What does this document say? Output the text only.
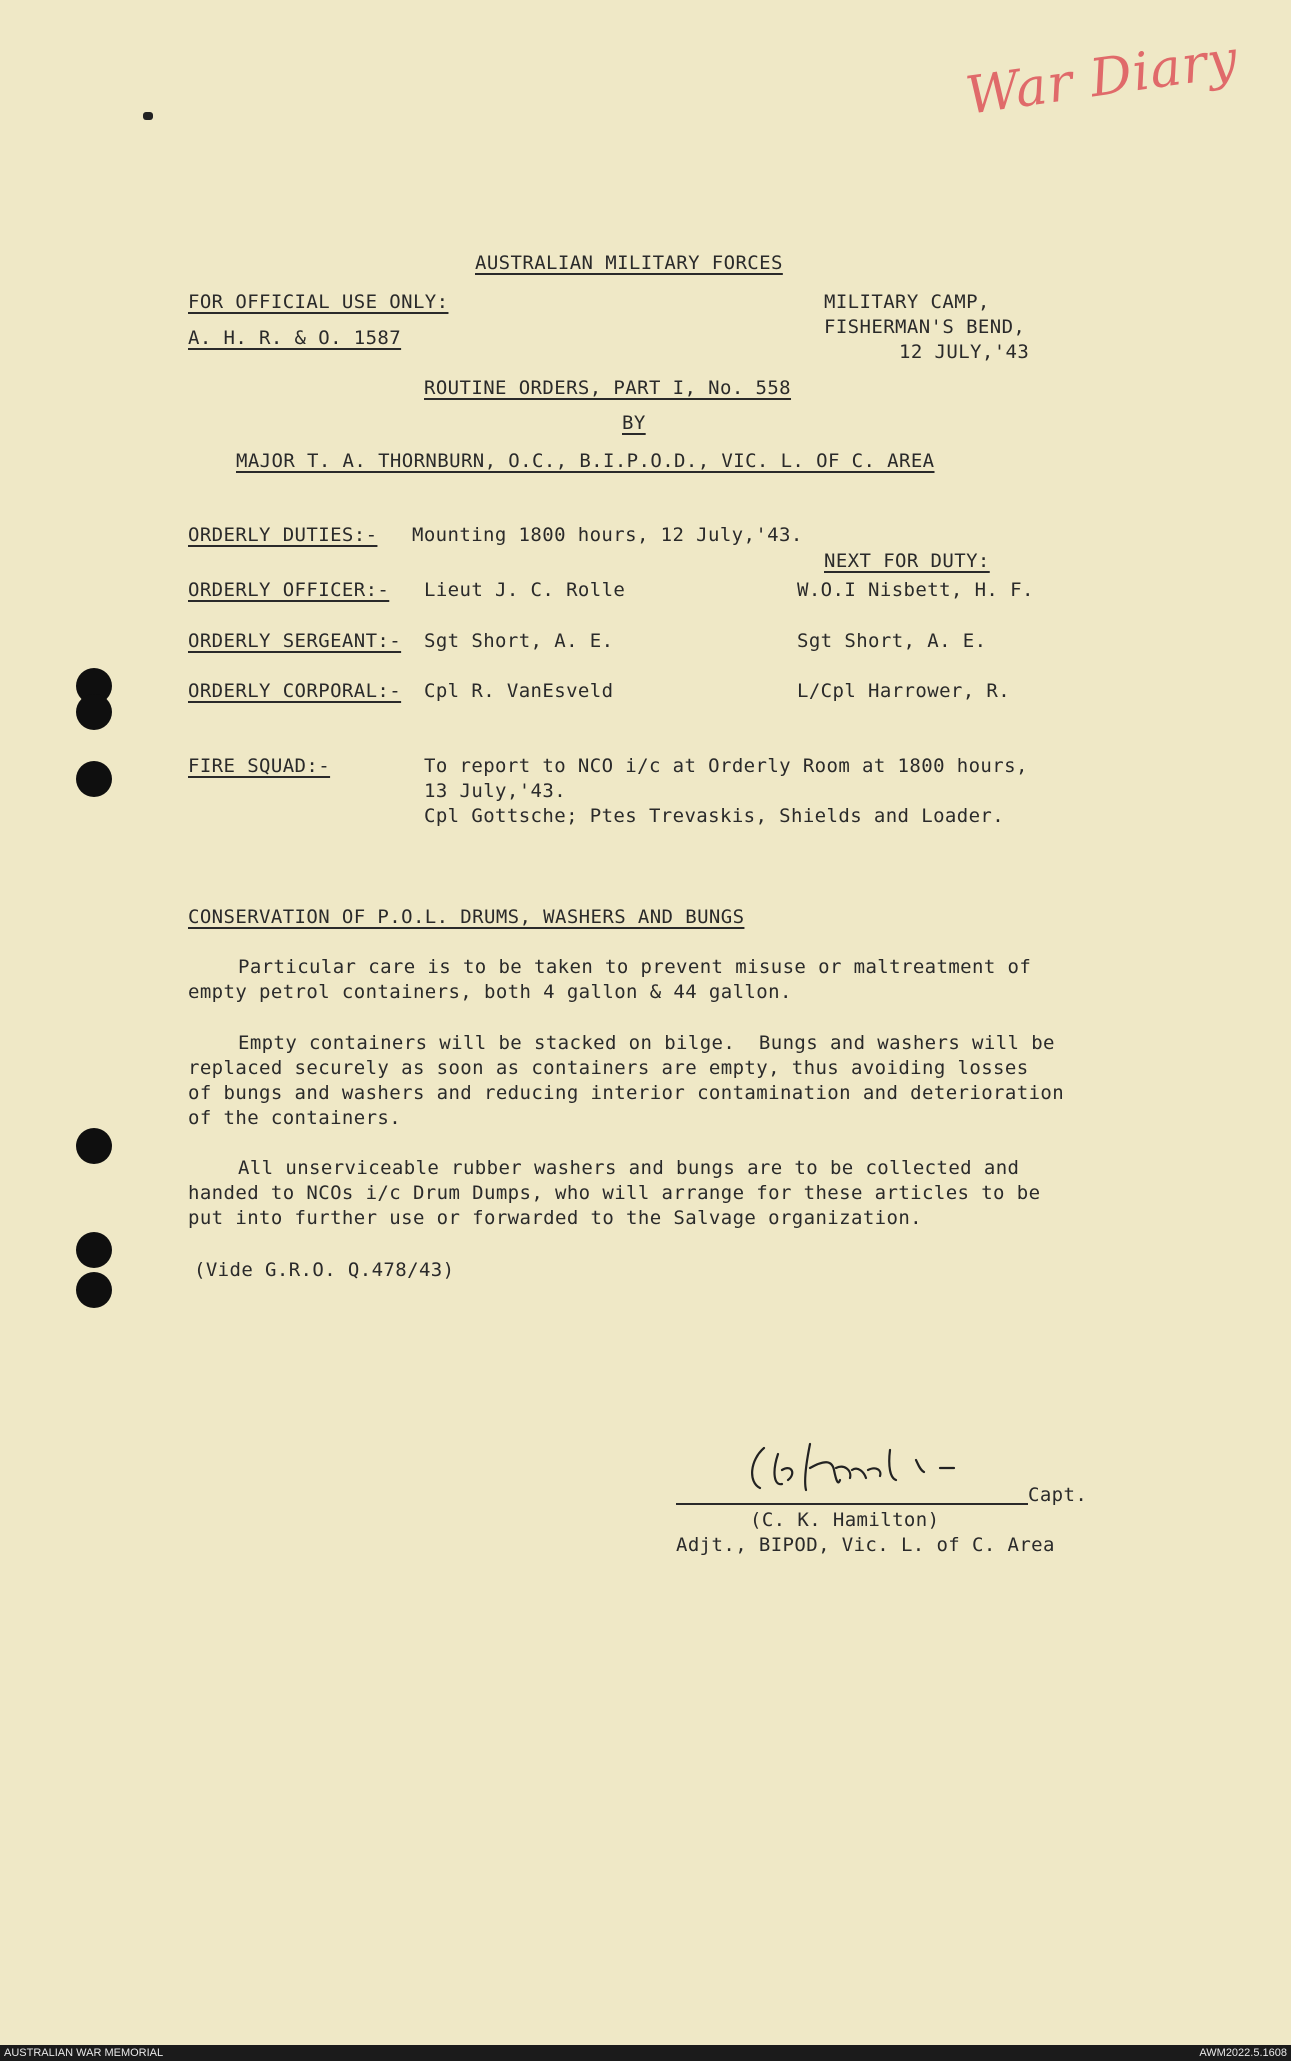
War Diary
AUSTRALIAN MILITARY FORCES
FOR OFFICIAL USE ONLY:
A. H. R. & O. 1587
MILITARY CAMP,
FISHERMAN'S BEND,
12 JULY,'43
ROUTINE ORDERS, PART I, No. 558
BY
MAJOR T. A. THORNBURN, O.C., B.I.P.O.D., VIC. L. OF C. AREA
ORDERLY DUTIES:- Mounting 1800 hours, 12 July,'43.
NEXT FOR DUTY:
ORDERLY OFFICER:- Lieut J. C. Rolle	W.O.I Nisbett, H. F.
ORDERLY SERGEANT:- Sgt Short, A. E.	Sgt Short, A. E.
ORDERLY CORPORAL:- Cpl R. VanEsveld	L/Cpl Harrower, R.
FIRE SQUAD:-	To report to NCO i/c at Orderly Room at 1800 hours,
13 July,'43.
Cpl Gottsche; Ptes Trevaskis, Shields and Loader.
CONSERVATION OF P.O.L. DRUMS, WASHERS AND BUNGS
Particular care is to be taken to prevent misuse or maltreatment of
empty petrol containers, both 4 gallon & 44 gallon.
Empty containers will be stacked on bilge.  Bungs and washers will be
replaced securely as soon as containers are empty, thus avoiding losses
of bungs and washers and reducing interior contamination and deterioration
of the containers.
All unserviceable rubber washers and bungs are to be collected and
handed to NCOs i/c Drum Dumps, who will arrange for these articles to be
put into further use or forwarded to the Salvage organization.
(Vide G.R.O. Q.478/43)
Capt.
(C. K. Hamilton)
Adjt., BIPOD, Vic. L. of C. Area
AUSTRALIAN WAR MEMORIAL	AWM2022.5.1608
